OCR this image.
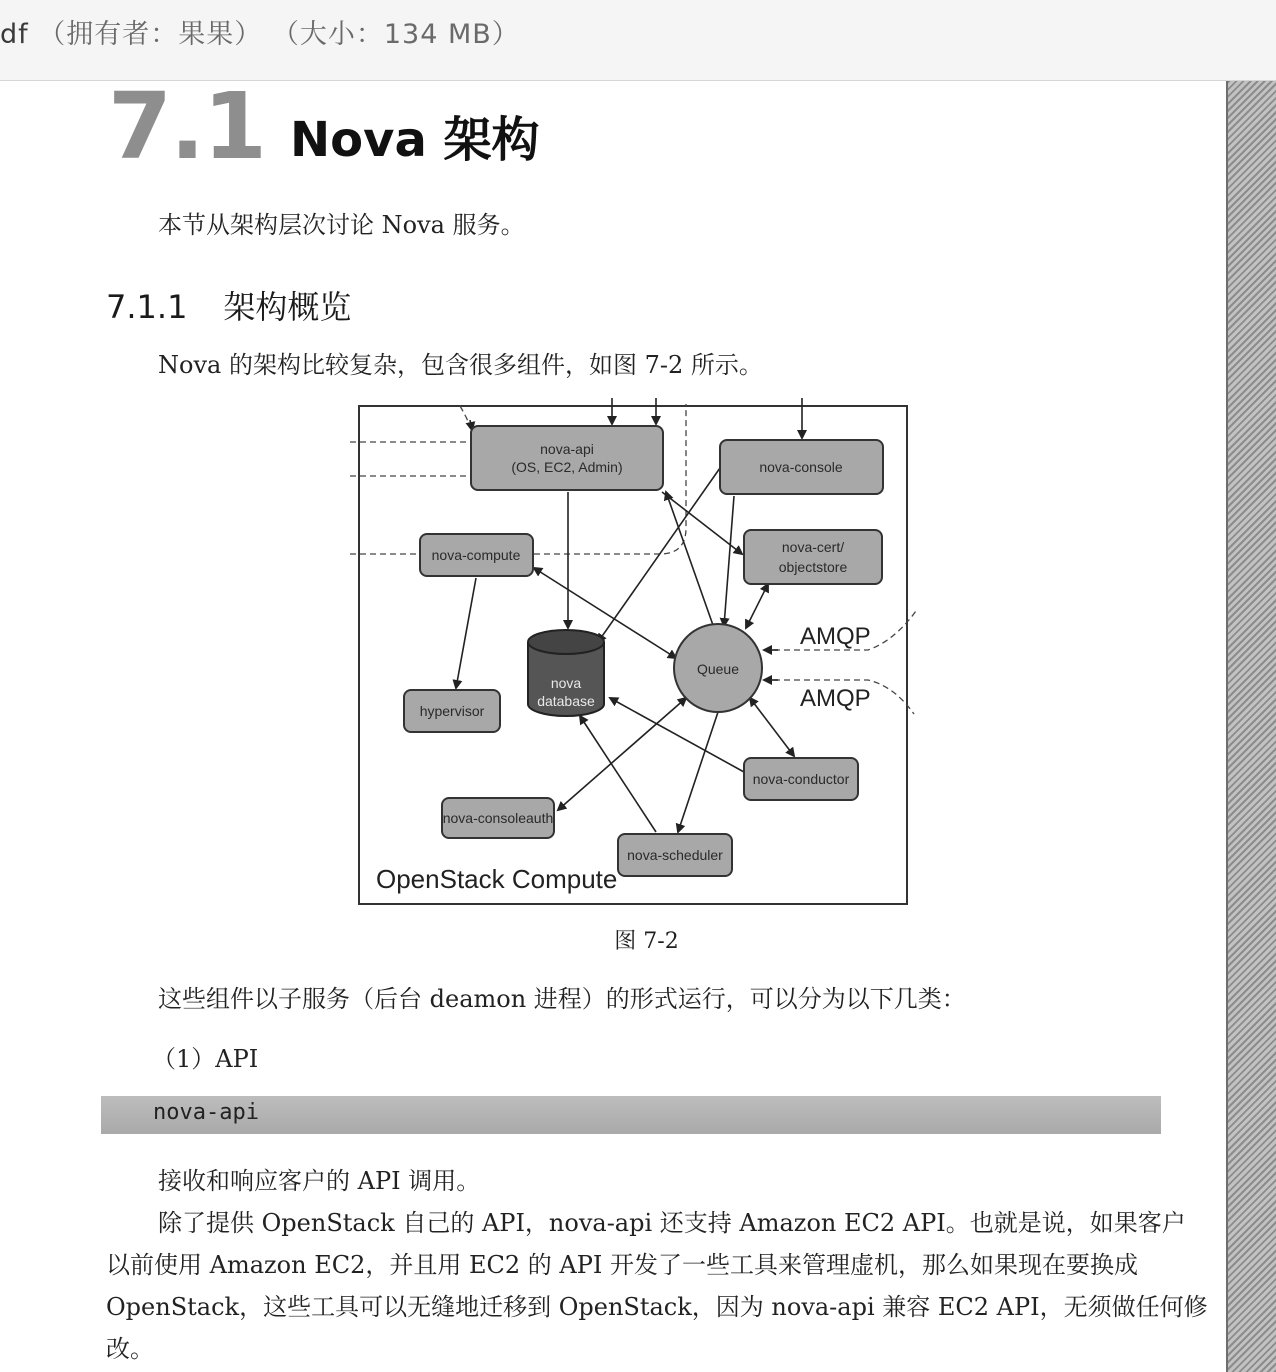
df （拥有者：果果） （大小：134 MB）
7.1 Nova 架构
本节从架构层次讨论 Nova 服务。
7.1.1 架构概览
Nova 的架构比较复杂，包含很多组件，如图 7-2 所示。
nova-api
(OS, EC2, Admin)	nova-console
nova-compute	nova-cert/
objectstore
nova
database
Queue
AMQP
AMQP
hypervisor
nova-conductor
nova-consoleauth
nova-scheduler
OpenStack Compute
图 7-2
这些组件以子服务（后台 deamon 进程）的形式运行，可以分为以下几类：
（1）API
nova-api
接收和响应客户的 API 调用。
除了提供 OpenStack 自己的 API，nova-api 还支持 Amazon EC2 API。也就是说，如果客户
以前使用 Amazon EC2，并且用 EC2 的 API 开发了一些工具来管理虚机，那么如果现在要换成
OpenStack，这些工具可以无缝地迁移到 OpenStack，因为 nova-api 兼容 EC2 API，无须做任何修
改。
